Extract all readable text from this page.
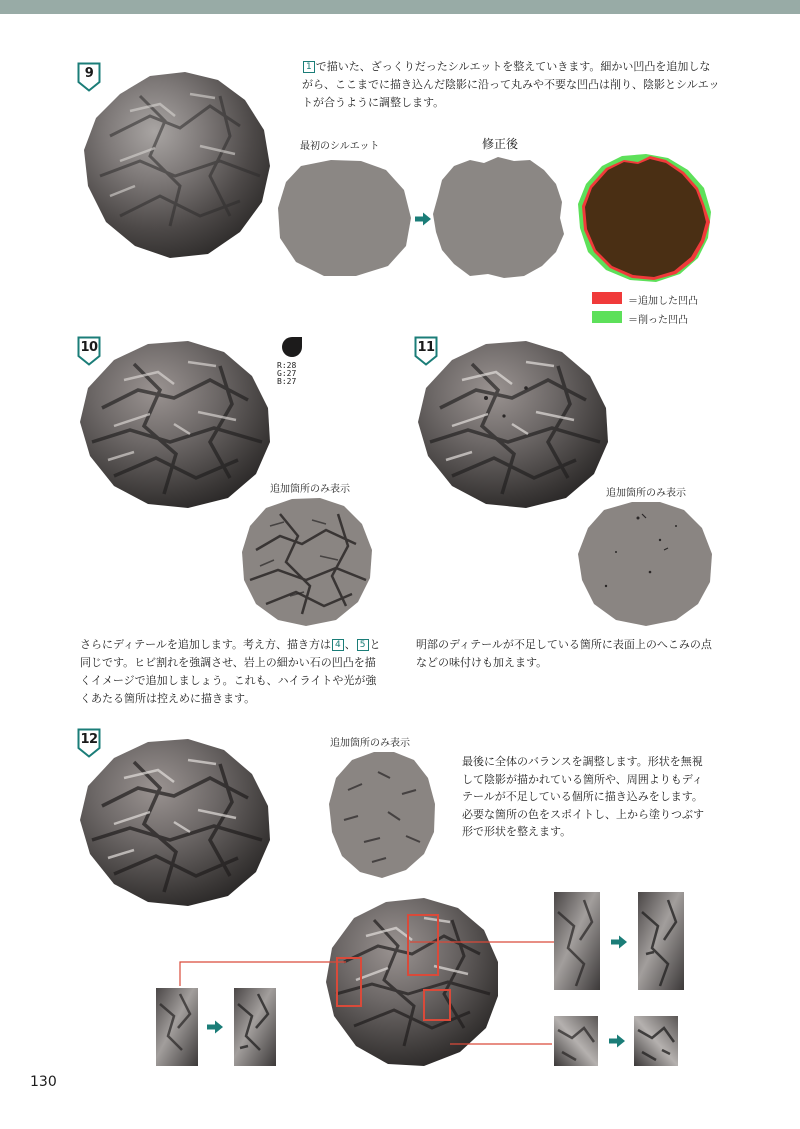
9	1 で描いた、ざっくりだったシルエットを整えていきます。細かい凹凸を追加しな
がら、ここまでに描き込んだ陰影に沿って丸みや不要な凹凸は削り、陰影とシルエッ
トが合うように調整します。
最初のシルエット	修正後
＝追加した凹凸
＝削った凹凸
10
R:28
G:27
B:27
追加箇所のみ表示
さらにディテールを追加します。考え方、描き方は 4 、 5 と
同じです。ヒビ割れを強調させ、岩上の細かい石の凹凸を描
くイメージで追加しましょう。これも、ハイライトや光が強
くあたる箇所は控えめに描きます。
11
追加箇所のみ表示
明部のディテールが不足している箇所に表面上のへこみの点
などの味付けも加えます。
12	追加箇所のみ表示
最後に全体のバランスを調整します。形状を無視
して陰影が描かれている箇所や、周囲よりもディ
テールが不足している個所に描き込みをします。
必要な箇所の色をスポイトし、上から塗りつぶす
形で形状を整えます。
130
